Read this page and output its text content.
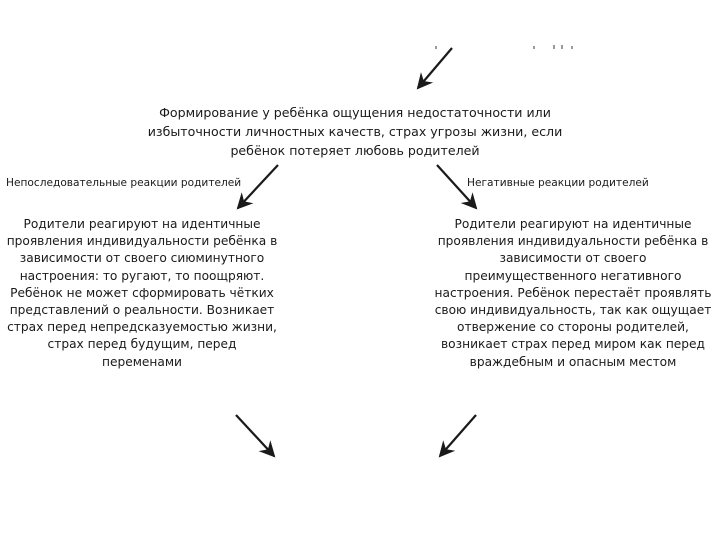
Формирование у ребёнка ощущения недостаточности или избыточности личностных качеств, страх угрозы жизни, если ребёнок потеряет любовь родителей

Непоследовательные реакции родителей	Негативные реакции родителей

Родители реагируют на идентичные проявления индивидуальности ребёнка в зависимости от своего сиюминутного настроения: то ругают, то поощряют. Ребёнок не может сформировать чётких представлений о реальности. Возникает страх перед непредсказуемостью жизни, страх перед будущим, перед переменами
Родители реагируют на идентичные проявления индивидуальности ребёнка в зависимости от своего преимущественного негативного настроения. Ребёнок перестаёт проявлять свою индивидуальность, так как ощущает отвержение со стороны родителей, возникает страх перед миром как перед враждебным и опасным местом
